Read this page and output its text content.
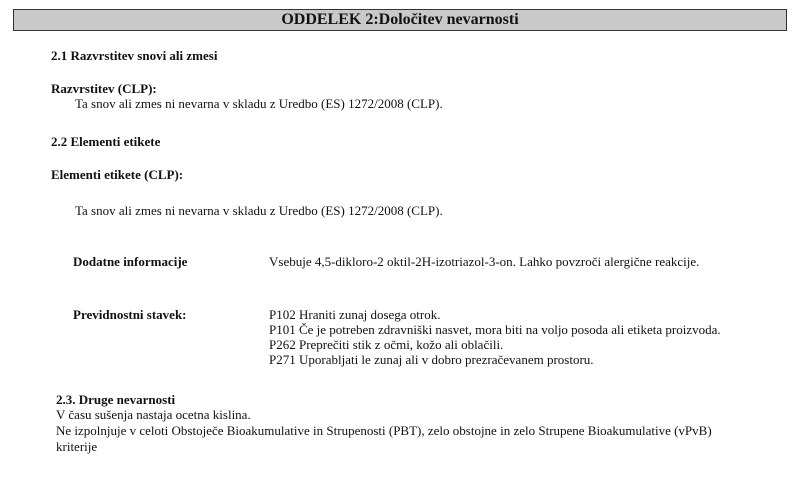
ODDELEK 2:Določitev nevarnosti
2.1 Razvrstitev snovi ali zmesi
Razvrstitev (CLP):
Ta snov ali zmes ni nevarna v skladu z Uredbo (ES) 1272/2008 (CLP).
2.2 Elementi etikete
Elementi etikete (CLP):
Ta snov ali zmes ni nevarna v skladu z Uredbo (ES) 1272/2008 (CLP).
Dodatne informacije	Vsebuje 4,5-dikloro-2 oktil-2H-izotriazol-3-on. Lahko povzroči alergične reakcije.
Previdnostni stavek:	P102 Hraniti zunaj dosega otrok.
P101 Če je potreben zdravniški nasvet, mora biti na voljo posoda ali etiketa proizvoda.
P262 Preprečiti stik z očmi, kožo ali oblačili.
P271 Uporabljati le zunaj ali v dobro prezračevanem prostoru.
2.3. Druge nevarnosti
V času sušenja nastaja ocetna kislina.
Ne izpolnjuje v celoti Obstoječe Bioakumulative in Strupenosti (PBT), zelo obstojne in zelo Strupene Bioakumulative (vPvB)
kriterije
